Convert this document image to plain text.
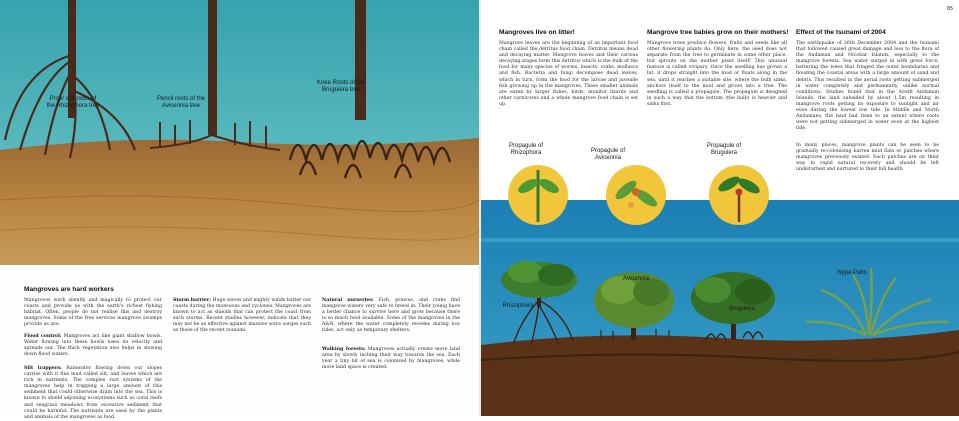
Prop/ stilt roots of
the Rhizophora tree
Pencil roots of the
Avicennia tree
Knee Roots of the
Bruguiera tree
Mangroves are hard workers

Mangroves work silently and magically to protect our coasts and provide us with the earth's richest fishing habitat. Often, people do not realise this and destroy mangroves. Some of the free services mangrove swamps provide us are:

Flood control: Mangroves act like giant shallow bowls. Water flowing into these bowls loses its velocity and spreads out. The thick vegetation also helps in slowing down flood waters.

Silt trappers: Rainwater flowing down our slopes carries with it fine mud called silt, and leaves which are rich in nutrients. The complex root systems of the mangroves help in trapping a large amount of this sediment that could otherwise drain into the sea. This is known to shield adjoining ecosystems such as coral reefs and seagrass meadows from excessive sediment that could be harmful. The nutrients are used by the plants and animals of the mangroves as food.

Storm barrier: Huge waves and mighty winds batter our coasts during the monsoons and cyclones. Mangroves are known to act as shields that can protect the coast from such storms. Recent studies however, indicate that they may not be as effective against massive wave surges such as those of the recent tsunami.

Natural nurseries: Fish, prawns, and crabs find mangrove waters very safe to breed in. Their young have a better chance to survive here and grow because there is so much food available. Some of the mangroves in the A&N, where the water completely recedes during low tides, act only as temporary shelters.

Walking forests: Mangroves actually create more land area by slowly inching their way towards the sea. Each year a tiny bit of sea is colonized by mangroves, while more land space is created.

85
Mangroves live on litter!

Mangrove leaves are the beginning of an important food chain called the detritus food chain. Detritus means dead and decaying matter. Mangrove leaves and their various decaying stages form this detritus which is the bulk of the food for many species of worms, insects, crabs, molluscs and fish. Bacteria and fungi decompose dead leaves, which in turn, form the food for the larvae and juvenile fish growing up in the mangroves. These smaller animals are eaten by larger fishes, birds, monitor lizards and other carnivores and a whole mangrove food chain is set up.

Mangrove tree babies grow on their mothers!

Mangrove trees produce flowers, fruits and seeds like all other flowering plants do. Only here, the seed does not separate from the tree to germinate in some other place, but sprouts on the mother plant itself! This unusual feature is called vivipary. Once the seedling has grown a bit, it drops straight into the mud or floats along in the sea, until it reaches a suitable site, where the bulb sinks, anchors itself to the mud and grows into a tree. The seedling is called a propagule. The propagule is designed in such a way that the bottom (the bulb) is heavier and sinks first.

Effect of the tsunami of 2004

The earthquake of 26th December 2004 and the tsunami that followed caused great damage and loss to the flora of the Andaman and Nicobar Islands, especially to the mangrove forests. Sea water surged in with great force, battering the trees that fringed the outer boundaries and flooding the coastal areas with a large amount of sand and debris. This resulted in the aerial roots getting submerged in water completely and permanently, unlike normal conditions. Studies found that in the South Andaman Islands, the land subsided by about 1.5m resulting in mangrove roots getting no exposure to sunlight and air even during the lowest low tide. In Middle and North Andamans, the land had risen to an extent where roots were not getting submerged in water even at the highest tide.

In many places, mangrove plants can be seen to be gradually re-colonising barren mud flats or patches where mangroves previously existed. Such patches are on their way to rapid natural recovery and should be left undisturbed and nurtured to their full health.

Propagule of
Rhizophora	Propagule of
Avicennia
Propagule of
Bruguiera
Avicennia
Rhizophora	Bruguiera
Nypa Palm
